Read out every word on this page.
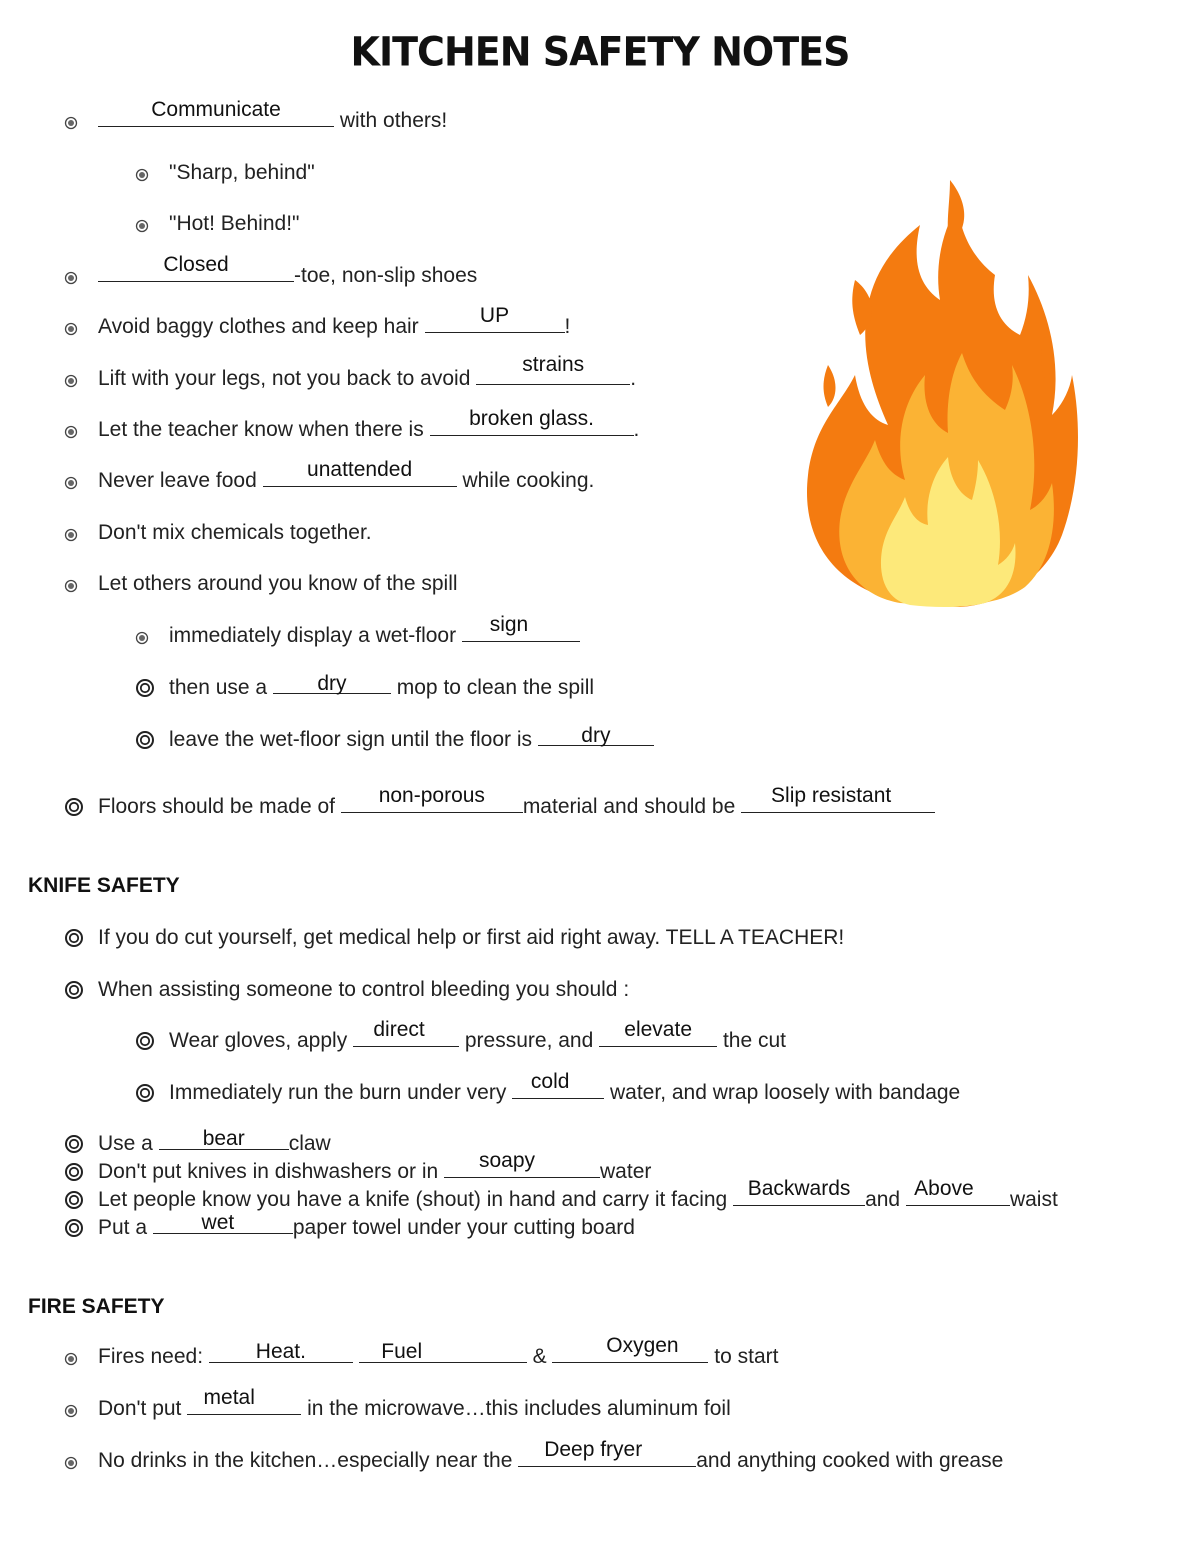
KITCHEN SAFETY NOTES
Communicate	with others!
"Sharp, behind"
"Hot! Behind!"
Closed	-toe, non-slip shoes
Avoid baggy clothes and keep hair	UP	!
Lift with your legs, not you back to avoid
strains
.
Let the teacher know when there is	broken glass.	.
Never leave food	unattended	while cooking.
Don't mix chemicals together.
Let others around you know of the spill
immediately display a wet-floor	sign
then use a	dry	mop to clean the spill
leave the wet-floor sign until the floor is	dry
Floors should be made of	non-porous	material and should be	Slip resistant
KNIFE SAFETY
If you do cut yourself, get medical help or first aid right away. TELL A TEACHER!
When assisting someone to control bleeding you should :
Wear gloves, apply direct	pressure, and	elevate	the cut
Immediately run the burn under very cold	water, and wrap loosely with bandage
Use a	bear	claw
Don't put knives in dishwashers or in	soapy	water
Let people know you have a knife (shout) in hand and carry it facing Backwards and Above	waist
Put a	wet	paper towel under your cutting board
FIRE SAFETY
Fires need:	Heat.
	Fuel	&	Oxygen	to start
Don't put metal	in the microwave…this includes aluminum foil
No drinks in the kitchen…especially near the	Deep fryer	and anything cooked with grease
